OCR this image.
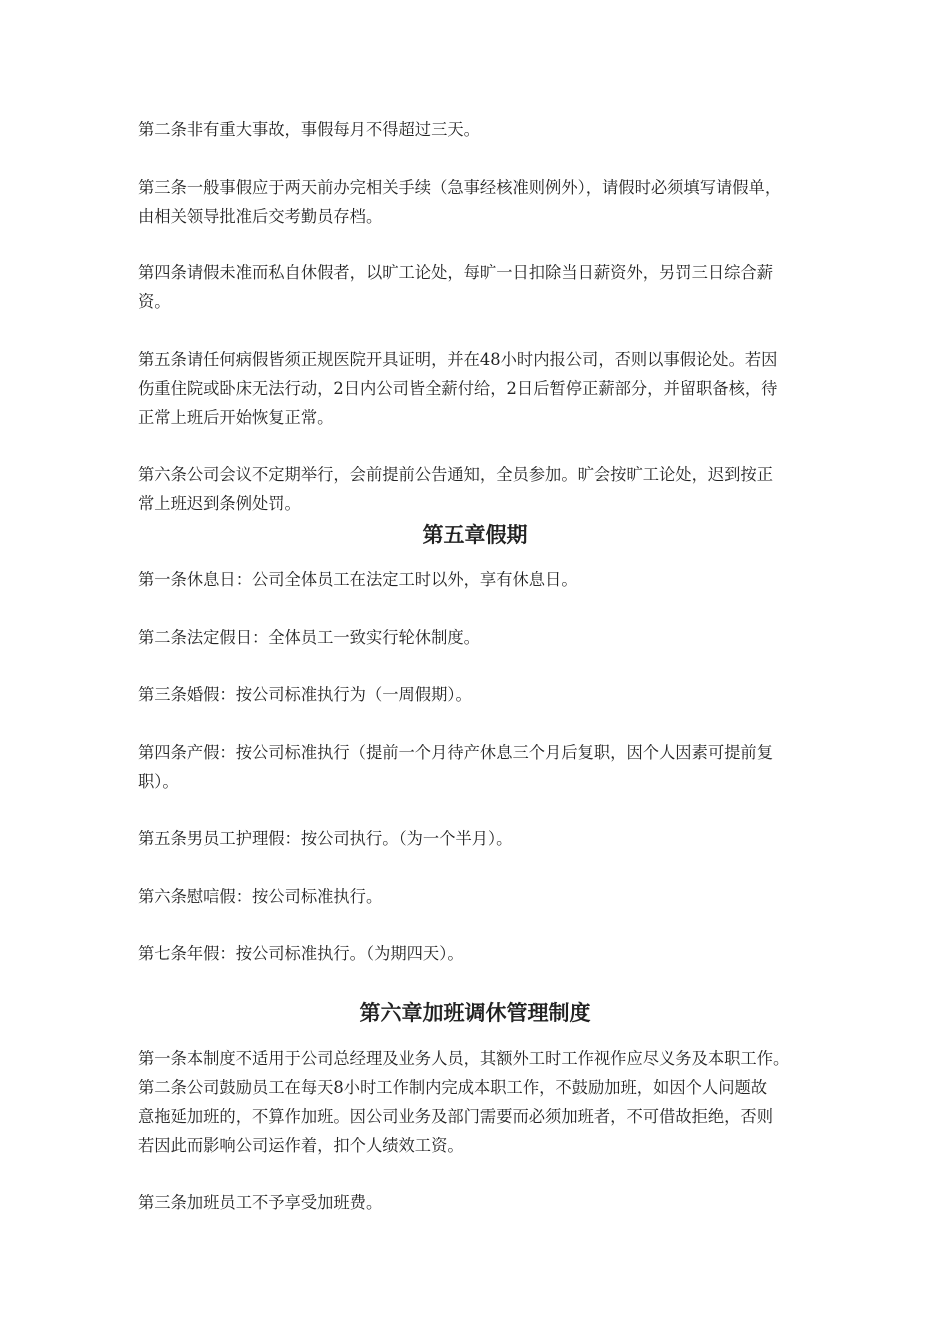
第二条非有重大事故，事假每月不得超过三天。
第三条一般事假应于两天前办完相关手续（急事经核准则例外），请假时必须填写请假单，
由相关领导批准后交考勤员存档。
第四条请假未准而私自休假者，以旷工论处，每旷一日扣除当日薪资外，另罚三日综合薪
资。
第五条请任何病假皆须正规医院开具证明，并在48小时内报公司，否则以事假论处。若因
伤重住院或卧床无法行动，2日内公司皆全薪付给，2日后暂停正薪部分，并留职备核，待
正常上班后开始恢复正常。
第六条公司会议不定期举行，会前提前公告通知，全员参加。旷会按旷工论处，迟到按正
常上班迟到条例处罚。
第五章假期
第一条休息日：公司全体员工在法定工时以外，享有休息日。
第二条法定假日：全体员工一致实行轮休制度。
第三条婚假：按公司标准执行为（一周假期）。
第四条产假：按公司标准执行（提前一个月待产休息三个月后复职，因个人因素可提前复
职）。
第五条男员工护理假：按公司执行。（为一个半月）。
第六条慰唁假：按公司标准执行。
第七条年假：按公司标准执行。（为期四天）。
第六章加班调休管理制度
第一条本制度不适用于公司总经理及业务人员，其额外工时工作视作应尽义务及本职工作。
第二条公司鼓励员工在每天8小时工作制内完成本职工作，不鼓励加班，如因个人问题故
意拖延加班的，不算作加班。因公司业务及部门需要而必须加班者，不可借故拒绝，否则
若因此而影响公司运作着，扣个人绩效工资。
第三条加班员工不予享受加班费。
